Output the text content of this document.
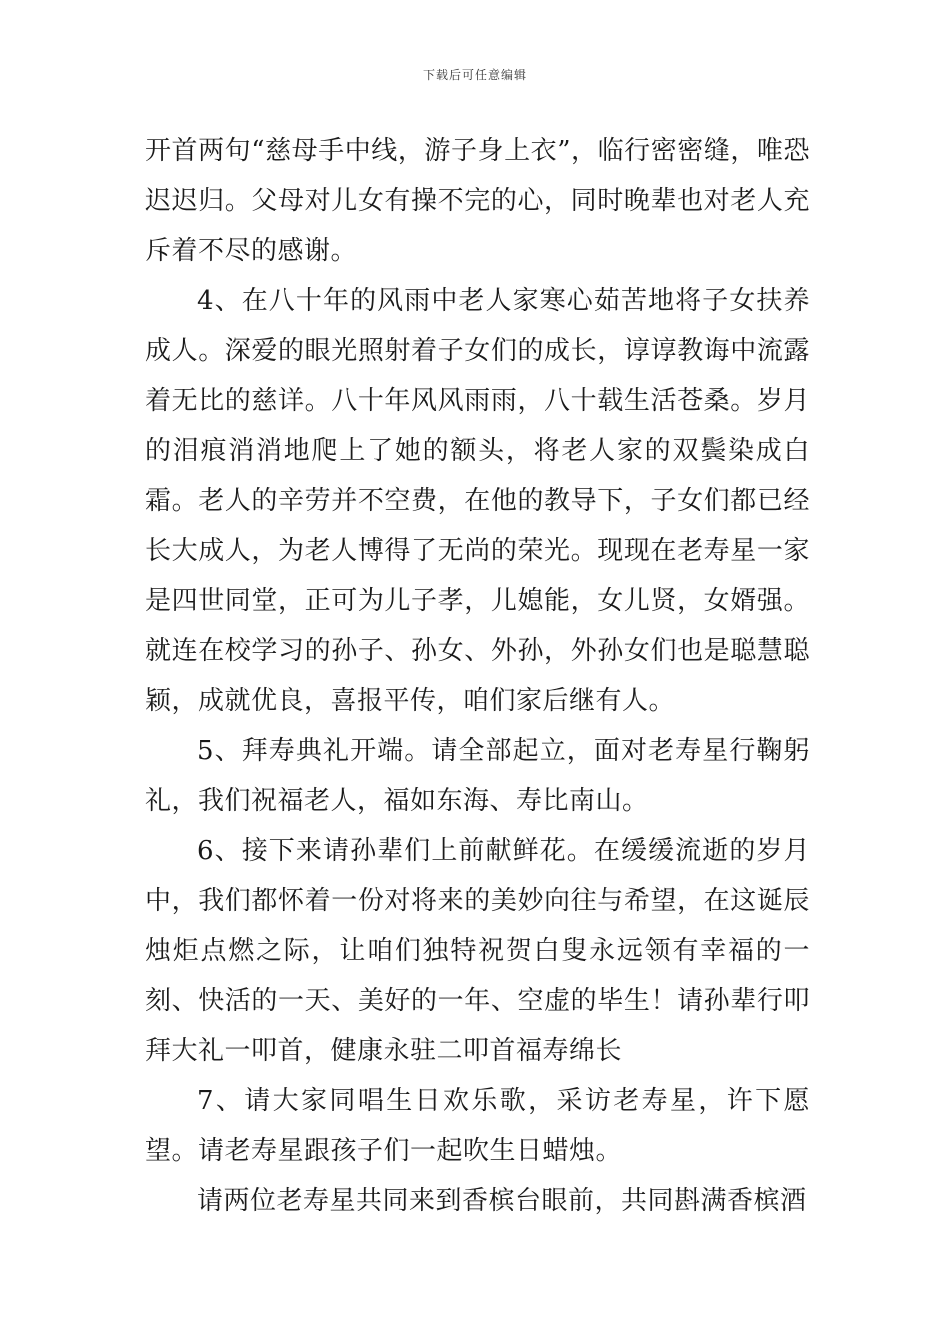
下载后可任意编辑

开首两句“慈母手中线，游子身上衣”，临行密密缝，唯恐迟迟归。父母对儿女有操不完的心，同时晚辈也对老人充斥着不尽的感谢。

4、在八十年的风雨中老人家寒心茹苦地将子女扶养成人。深爱的眼光照射着子女们的成长，谆谆教诲中流露着无比的慈详。八十年风风雨雨，八十载生活苍桑。岁月的泪痕消消地爬上了她的额头，将老人家的双鬓染成白霜。老人的辛劳并不空费，在他的教导下，子女们都已经长大成人，为老人博得了无尚的荣光。现现在老寿星一家是四世同堂，正可为儿子孝，儿媳能，女儿贤，女婿强。就连在校学习的孙子、孙女、外孙，外孙女们也是聪慧聪颖，成就优良，喜报平传，咱们家后继有人。

5、拜寿典礼开端。请全部起立，面对老寿星行鞠躬礼，我们祝福老人，福如东海、寿比南山。

6、接下来请孙辈们上前献鲜花。在缓缓流逝的岁月中，我们都怀着一份对将来的美妙向往与希望，在这诞辰烛炬点燃之际，让咱们独特祝贺白叟永远领有幸福的一刻、快活的一天、美好的一年、空虚的毕生！请孙辈行叩拜大礼一叩首，健康永驻二叩首福寿绵长

7、请大家同唱生日欢乐歌，采访老寿星，许下愿望。请老寿星跟孩子们一起吹生日蜡烛。

请两位老寿星共同来到香槟台眼前，共同斟满香槟酒
